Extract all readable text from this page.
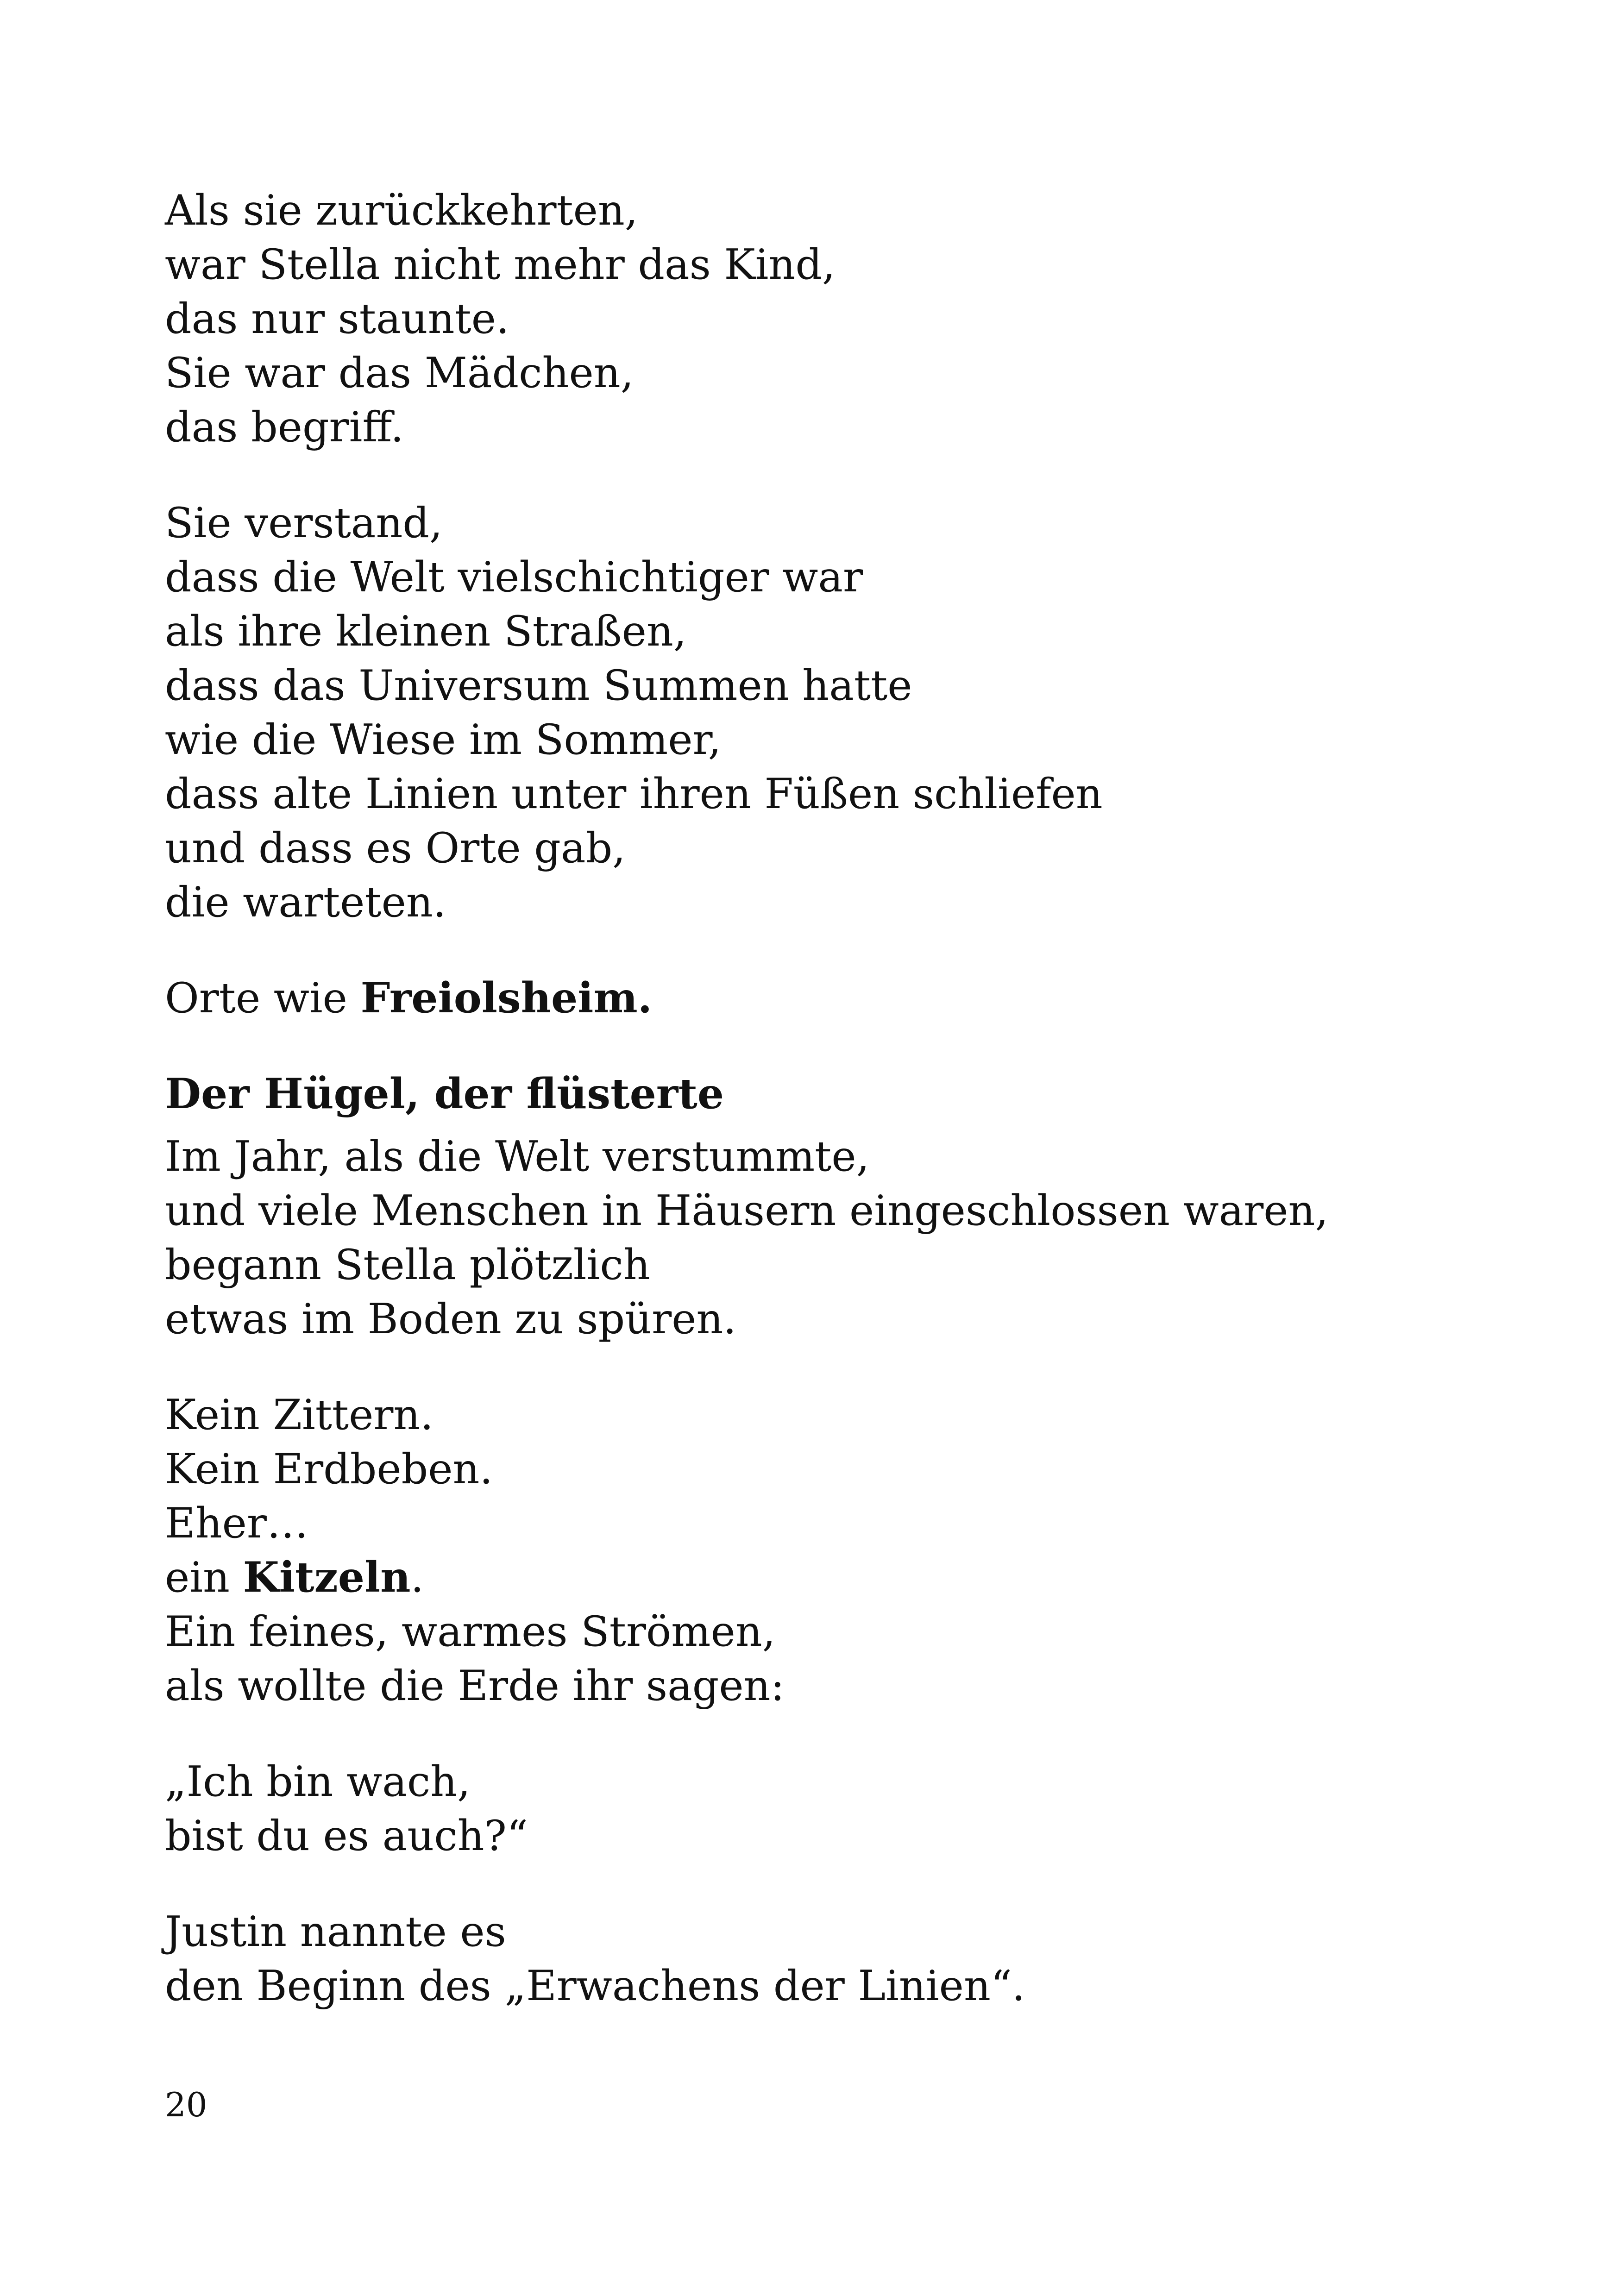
Als sie zurückkehrten,
war Stella nicht mehr das Kind,
das nur staunte.
Sie war das Mädchen,
das begriff.
Sie verstand,
dass die Welt vielschichtiger war
als ihre kleinen Straßen,
dass das Universum Summen hatte
wie die Wiese im Sommer,
dass alte Linien unter ihren Füßen schliefen
und dass es Orte gab,
die warteten.
Orte wie Freiolsheim.
Der Hügel, der flüsterte
Im Jahr, als die Welt verstummte,
und viele Menschen in Häusern eingeschlossen waren,
begann Stella plötzlich
etwas im Boden zu spüren.
Kein Zittern.
Kein Erdbeben.
Eher…
ein Kitzeln.
Ein feines, warmes Strömen,
als wollte die Erde ihr sagen:
„Ich bin wach,
bist du es auch?“
Justin nannte es
den Beginn des „Erwachens der Linien“.
20
